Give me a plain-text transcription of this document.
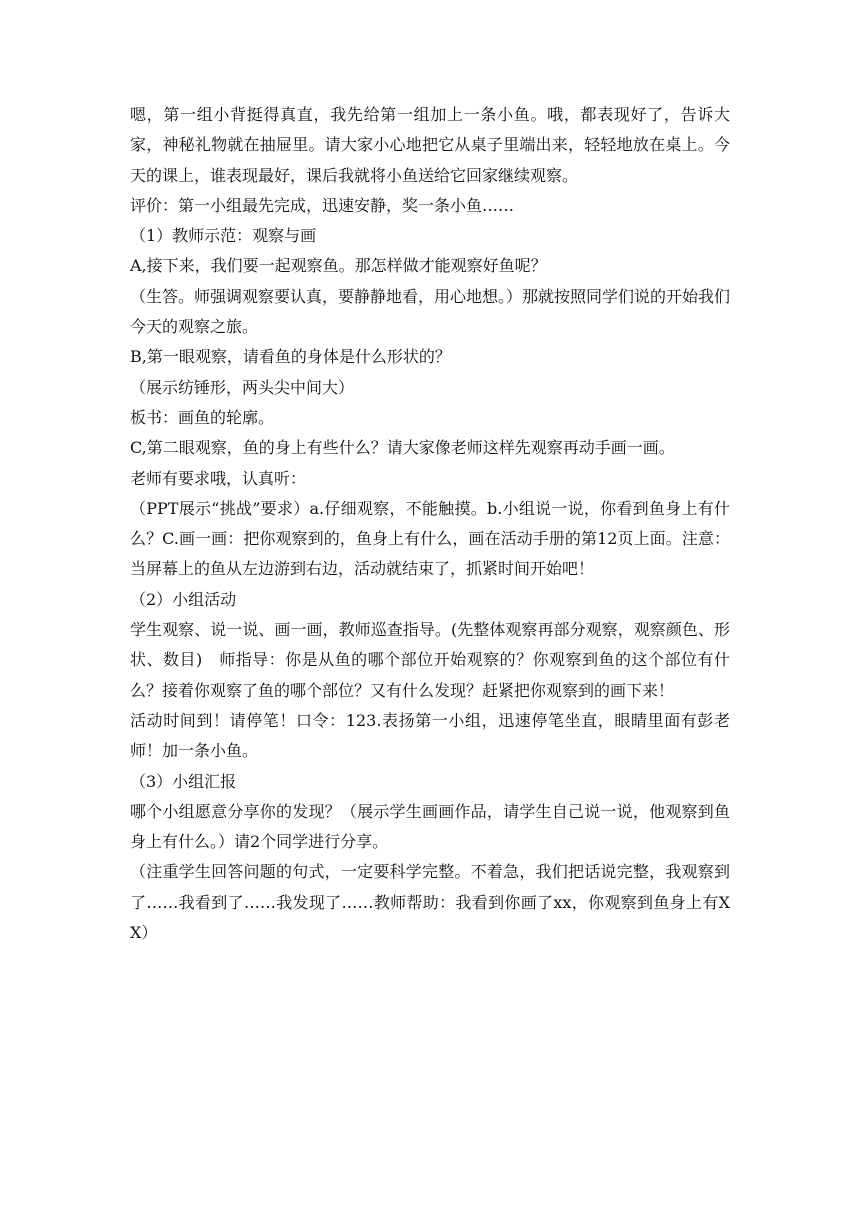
嗯，第一组小背挺得真直，我先给第一组加上一条小鱼。哦，都表现好了，告诉大家，神秘礼物就在抽屉里。请大家小心地把它从桌子里端出来，轻轻地放在桌上。今天的课上，谁表现最好，课后我就将小鱼送给它回家继续观察。

评价：第一小组最先完成，迅速安静，奖一条小鱼……

（1）教师示范：观察与画

A,接下来，我们要一起观察鱼。那怎样做才能观察好鱼呢？

（生答。师强调观察要认真，要静静地看，用心地想。）那就按照同学们说的开始我们今天的观察之旅。

B,第一眼观察，请看鱼的身体是什么形状的？

（展示纺锤形，两头尖中间大）

板书：画鱼的轮廓。

C,第二眼观察，鱼的身上有些什么？请大家像老师这样先观察再动手画一画。

老师有要求哦，认真听：

（PPT展示“挑战”要求）a.仔细观察，不能触摸。b.小组说一说，你看到鱼身上有什么？C.画一画：把你观察到的，鱼身上有什么，画在活动手册的第12页上面。注意：当屏幕上的鱼从左边游到右边，活动就结束了，抓紧时间开始吧！

（2）小组活动

学生观察、说一说、画一画，教师巡查指导。(先整体观察再部分观察，观察颜色、形状、数目)　师指导：你是从鱼的哪个部位开始观察的？你观察到鱼的这个部位有什么？接着你观察了鱼的哪个部位？又有什么发现？赶紧把你观察到的画下来！

活动时间到！请停笔！口令：123.表扬第一小组，迅速停笔坐直，眼睛里面有彭老师！加一条小鱼。

（3）小组汇报

哪个小组愿意分享你的发现？（展示学生画画作品，请学生自己说一说，他观察到鱼身上有什么。）请2个同学进行分享。

（注重学生回答问题的句式，一定要科学完整。不着急，我们把话说完整，我观察到了……我看到了……我发现了……教师帮助：我看到你画了xx，你观察到鱼身上有XX）
